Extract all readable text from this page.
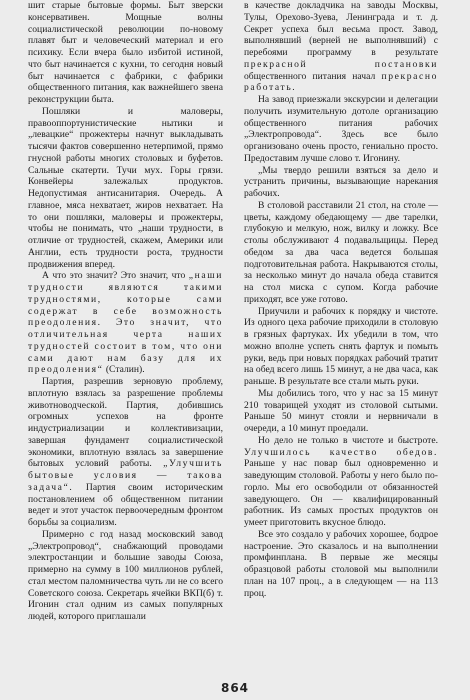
шит старые бытовые формы. Быт зверски консервативен. Мощные волны социалистической революции по-новому плавят быт и человеческий материал и его психику. Если вчера было избитой истиной, что быт начинается с кухни, то сегодня новый быт начинается с фабрики, с фабрики общественного питания, как важнейшего звена реконструкции быта.

Пошляки и маловеры, правооппортунистические нытики и „левацкие“ прожектеры начнут выкладывать тысячи фактов совершенно нетерпимой, прямо гнусной работы многих столовых и буфетов. Сальные скатерти. Тучи мух. Горы грязи. Конвейеры залежалых продуктов. Недопустимая антисанитария. Очередь. А главное, мяса нехватает, жиров нехватает. На то они пошляки, маловеры и прожектеры, чтобы не понимать, что „наши трудности, в отличие от трудностей, скажем, Америки или Англии, есть трудности роста, трудности продвижения вперед.

А что это значит? Это значит, что „наши трудности являются такими трудностями, которые сами содержат в себе возможность преодоления. Это значит, что отличительная черта наших трудностей состоит в том, что они сами дают нам базу для их преодоления“ (Сталин).

Партия, разрешив зерновую проблему, вплотную взялась за разрешение проблемы животноводческой. Партия, добившись огромных успехов на фронте индустриализации и коллективизации, завершая фундамент социалистической экономики, вплотную взялась за завершение бытовых условий работы. „Улучшить бытовые условия — такова задача“. Партия своим историческим постановлением об общественном питании ведет и этот участок первоочередным фронтом борьбы за социализм.

Примерно с год назад московский завод „Электропровод“, снабжающий проводами электростанции и большие заводы Союза, примерно на сумму в 100 миллионов рублей, стал местом паломничества чуть ли не со всего Советского союза. Секретарь ячейки ВКП(б) т. Игонин стал одним из самых популярных людей, которого приглашали

в качестве докладчика на заводы Москвы, Тулы, Орехово-Зуева, Ленинграда и т. д. Секрет успеха был весьма прост. Завод, выполнявший (верней не выполнявший) с перебоями программу в результате прекрасной постановки общественного питания начал прекрасно работать.

На завод приезжали экскурсии и делегации получить изумительную дотоле организацию общественного питания рабочих „Электропровода“. Здесь все было организовано очень просто, гениально просто. Предоставим лучше слово т. Игонину.

„Мы твердо решили взяться за дело и устранить причины, вызывающие нарекания рабочих.

В столовой расставили 21 стол, на столе — цветы, каждому обедающему — две тарелки, глубокую и мелкую, нож, вилку и ложку. Все столы обслуживают 4 подавальщицы. Перед обедом за два часа ведется большая подготовительная работа. Накрываются столы, за несколько минут до начала обеда ставится на стол миска с супом. Когда рабочие приходят, все уже готово.

Приучили и рабочих к порядку и чистоте. Из одного цеха рабочие приходили в столовую в грязных фартуках. Их убедили в том, что можно вполне успеть снять фартук и помыть руки, ведь при новых порядках рабочий тратит на обед всего лишь 15 минут, а не два часа, как раньше. В результате все стали мыть руки.

Мы добились того, что у нас за 15 минут 210 товарищей уходят из столовой сытыми. Раньше 50 минут стояли и нервничали в очереди, а 10 минут проедали.

Но дело не только в чистоте и быстроте. Улучшилось качество обедов. Раньше у нас повар был одновременно и заведующим столовой. Работы у него было по-горло. Мы его освободили от обязанностей заведующего. Он — квалифицированный работник. Из самых простых продуктов он умеет приготовить вкусное блюдо.

Все это создало у рабочих хорошее, бодрое настроение. Это сказалось и на выполнении промфинплана. В первые же месяцы образцовой работы столовой мы выполнили план на 107 проц., а в следующем — на 113 проц.

864
